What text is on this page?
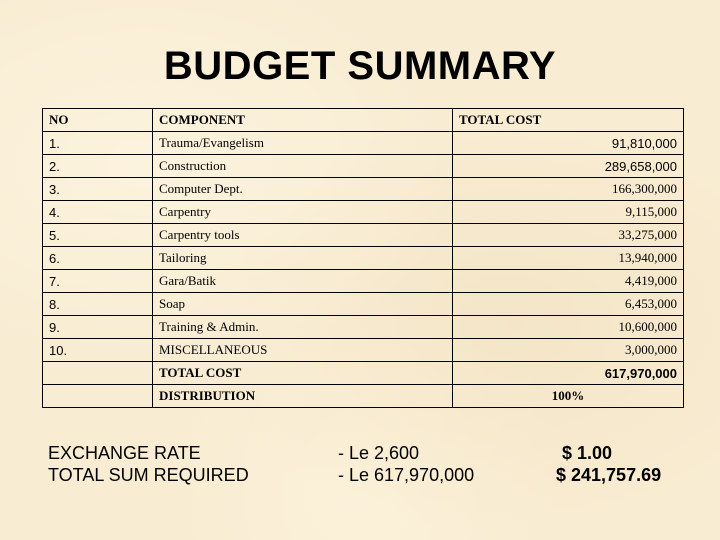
BUDGET SUMMARY
NO	COMPONENT	TOTAL COST
1.	Trauma/Evangelism	91,810,000
2.	Construction	289,658,000
3.	Computer Dept.	166,300,000
4.	Carpentry	9,115,000
5.	Carpentry tools	33,275,000
6.	Tailoring	13,940,000
7.	Gara/Batik	4,419,000
8.	Soap	6,453,000
9.	Training & Admin.	10,600,000
10.	MISCELLANEOUS	3,000,000
	TOTAL COST	617,970,000
	DISTRIBUTION	100%
EXCHANGE RATE	- Le 2,600	$ 1.00
TOTAL SUM REQUIRED	- Le 617,970,000	$ 241,757.69
